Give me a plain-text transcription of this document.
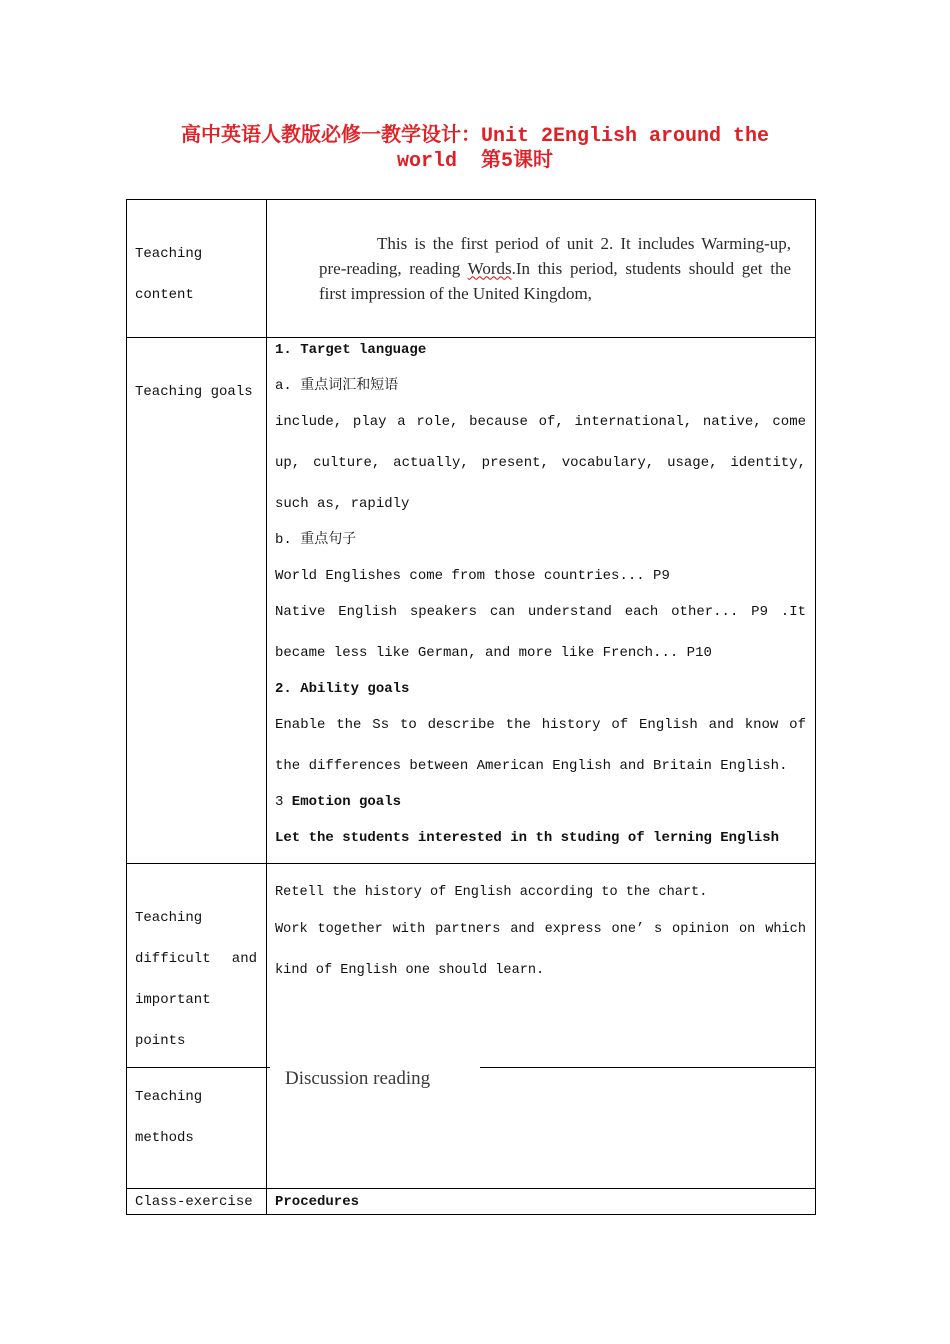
高中英语人教版必修一教学设计：Unit 2English around the
world  第5课时
Teaching content
This is the first period of unit 2. It includes Warming-up, pre-reading, reading Words.In this period, students should get the first impression of the United Kingdom,
Teaching goals
1. Target language
a. 重点词汇和短语
include, play a role, because of, international, native, come up, culture, actually, present, vocabulary, usage, identity, such as, rapidly
b. 重点句子
World Englishes come from those countries... P9
Native English speakers can understand each other... P9 .It became less like German, and more like French... P10
2. Ability goals
Enable the Ss to describe the history of English and know of the differences between American English and Britain English.
3 Emotion goals
Let the students interested in th studing of lerning English
Teaching difficult and important points
Retell the history of English according to the chart.
Work together with partners and express one’ s opinion on which kind of English one should learn.
Teaching methods
Discussion reading
Class-exercise	Procedures
